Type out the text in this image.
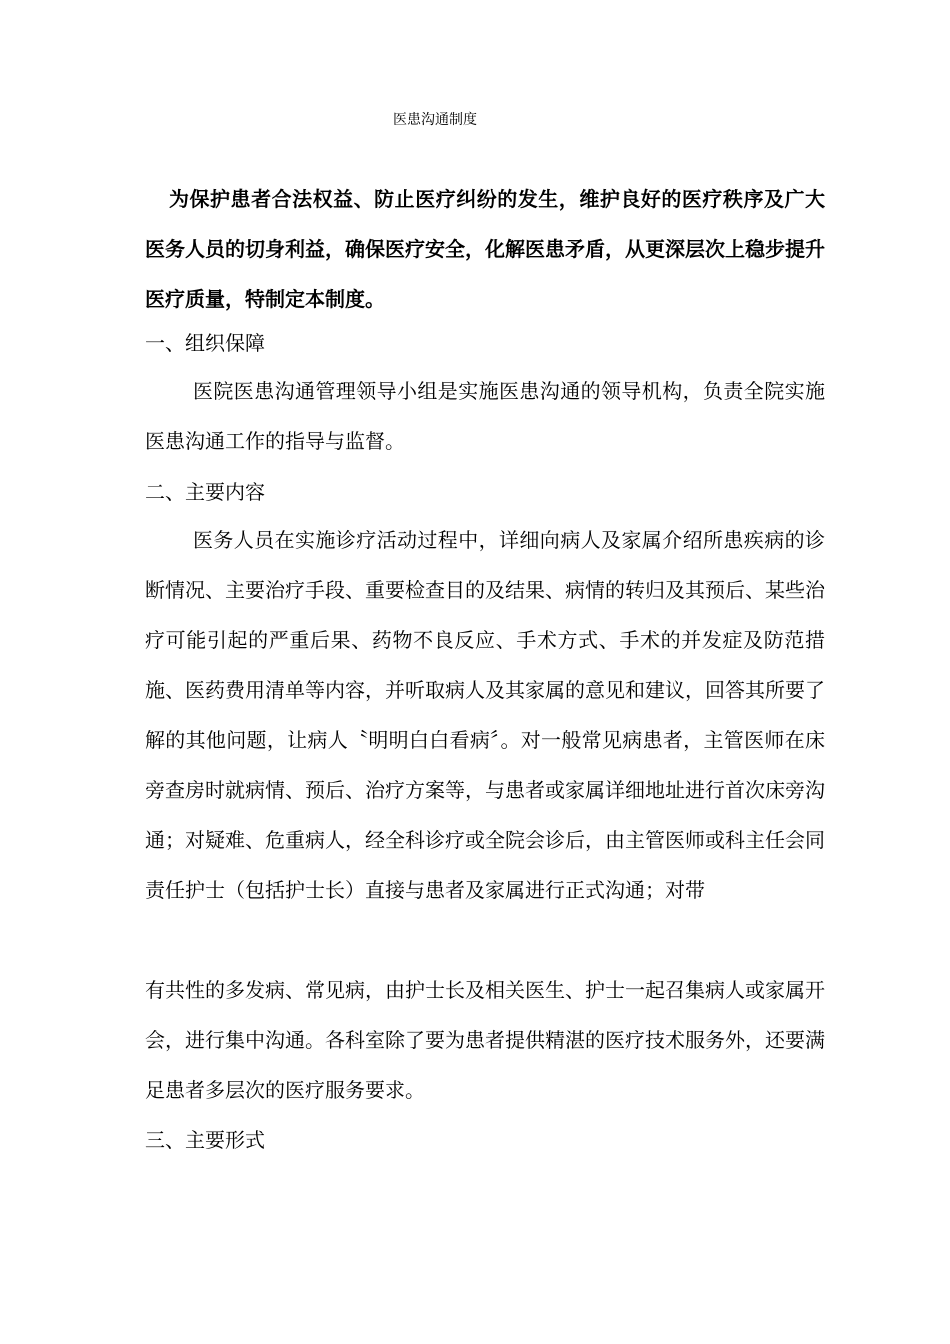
医患沟通制度

为保护患者合法权益、防止医疗纠纷的发生，维护良好的医疗秩序及广大医务人员的切身利益，确保医疗安全，化解医患矛盾，从更深层次上稳步提升医疗质量，特制定本制度。

一、组织保障

医院医患沟通管理领导小组是实施医患沟通的领导机构，负责全院实施医患沟通工作的指导与监督。

二、主要内容

医务人员在实施诊疗活动过程中，详细向病人及家属介绍所患疾病的诊断情况、主要治疗手段、重要检查目的及结果、病情的转归及其预后、某些治疗可能引起的严重后果、药物不良反应、手术方式、手术的并发症及防范措施、医药费用清单等内容，并听取病人及其家属的意见和建议，回答其所要了解的其他问题，让病人〝明明白白看病〞。对一般常见病患者，主管医师在床旁查房时就病情、预后、治疗方案等，与患者或家属详细地址进行首次床旁沟通；对疑难、危重病人，经全科诊疗或全院会诊后，由主管医师或科主任会同责任护士（包括护士长）直接与患者及家属进行正式沟通；对带

有共性的多发病、常见病，由护士长及相关医生、护士一起召集病人或家属开会，进行集中沟通。各科室除了要为患者提供精湛的医疗技术服务外，还要满足患者多层次的医疗服务要求。

三、主要形式
